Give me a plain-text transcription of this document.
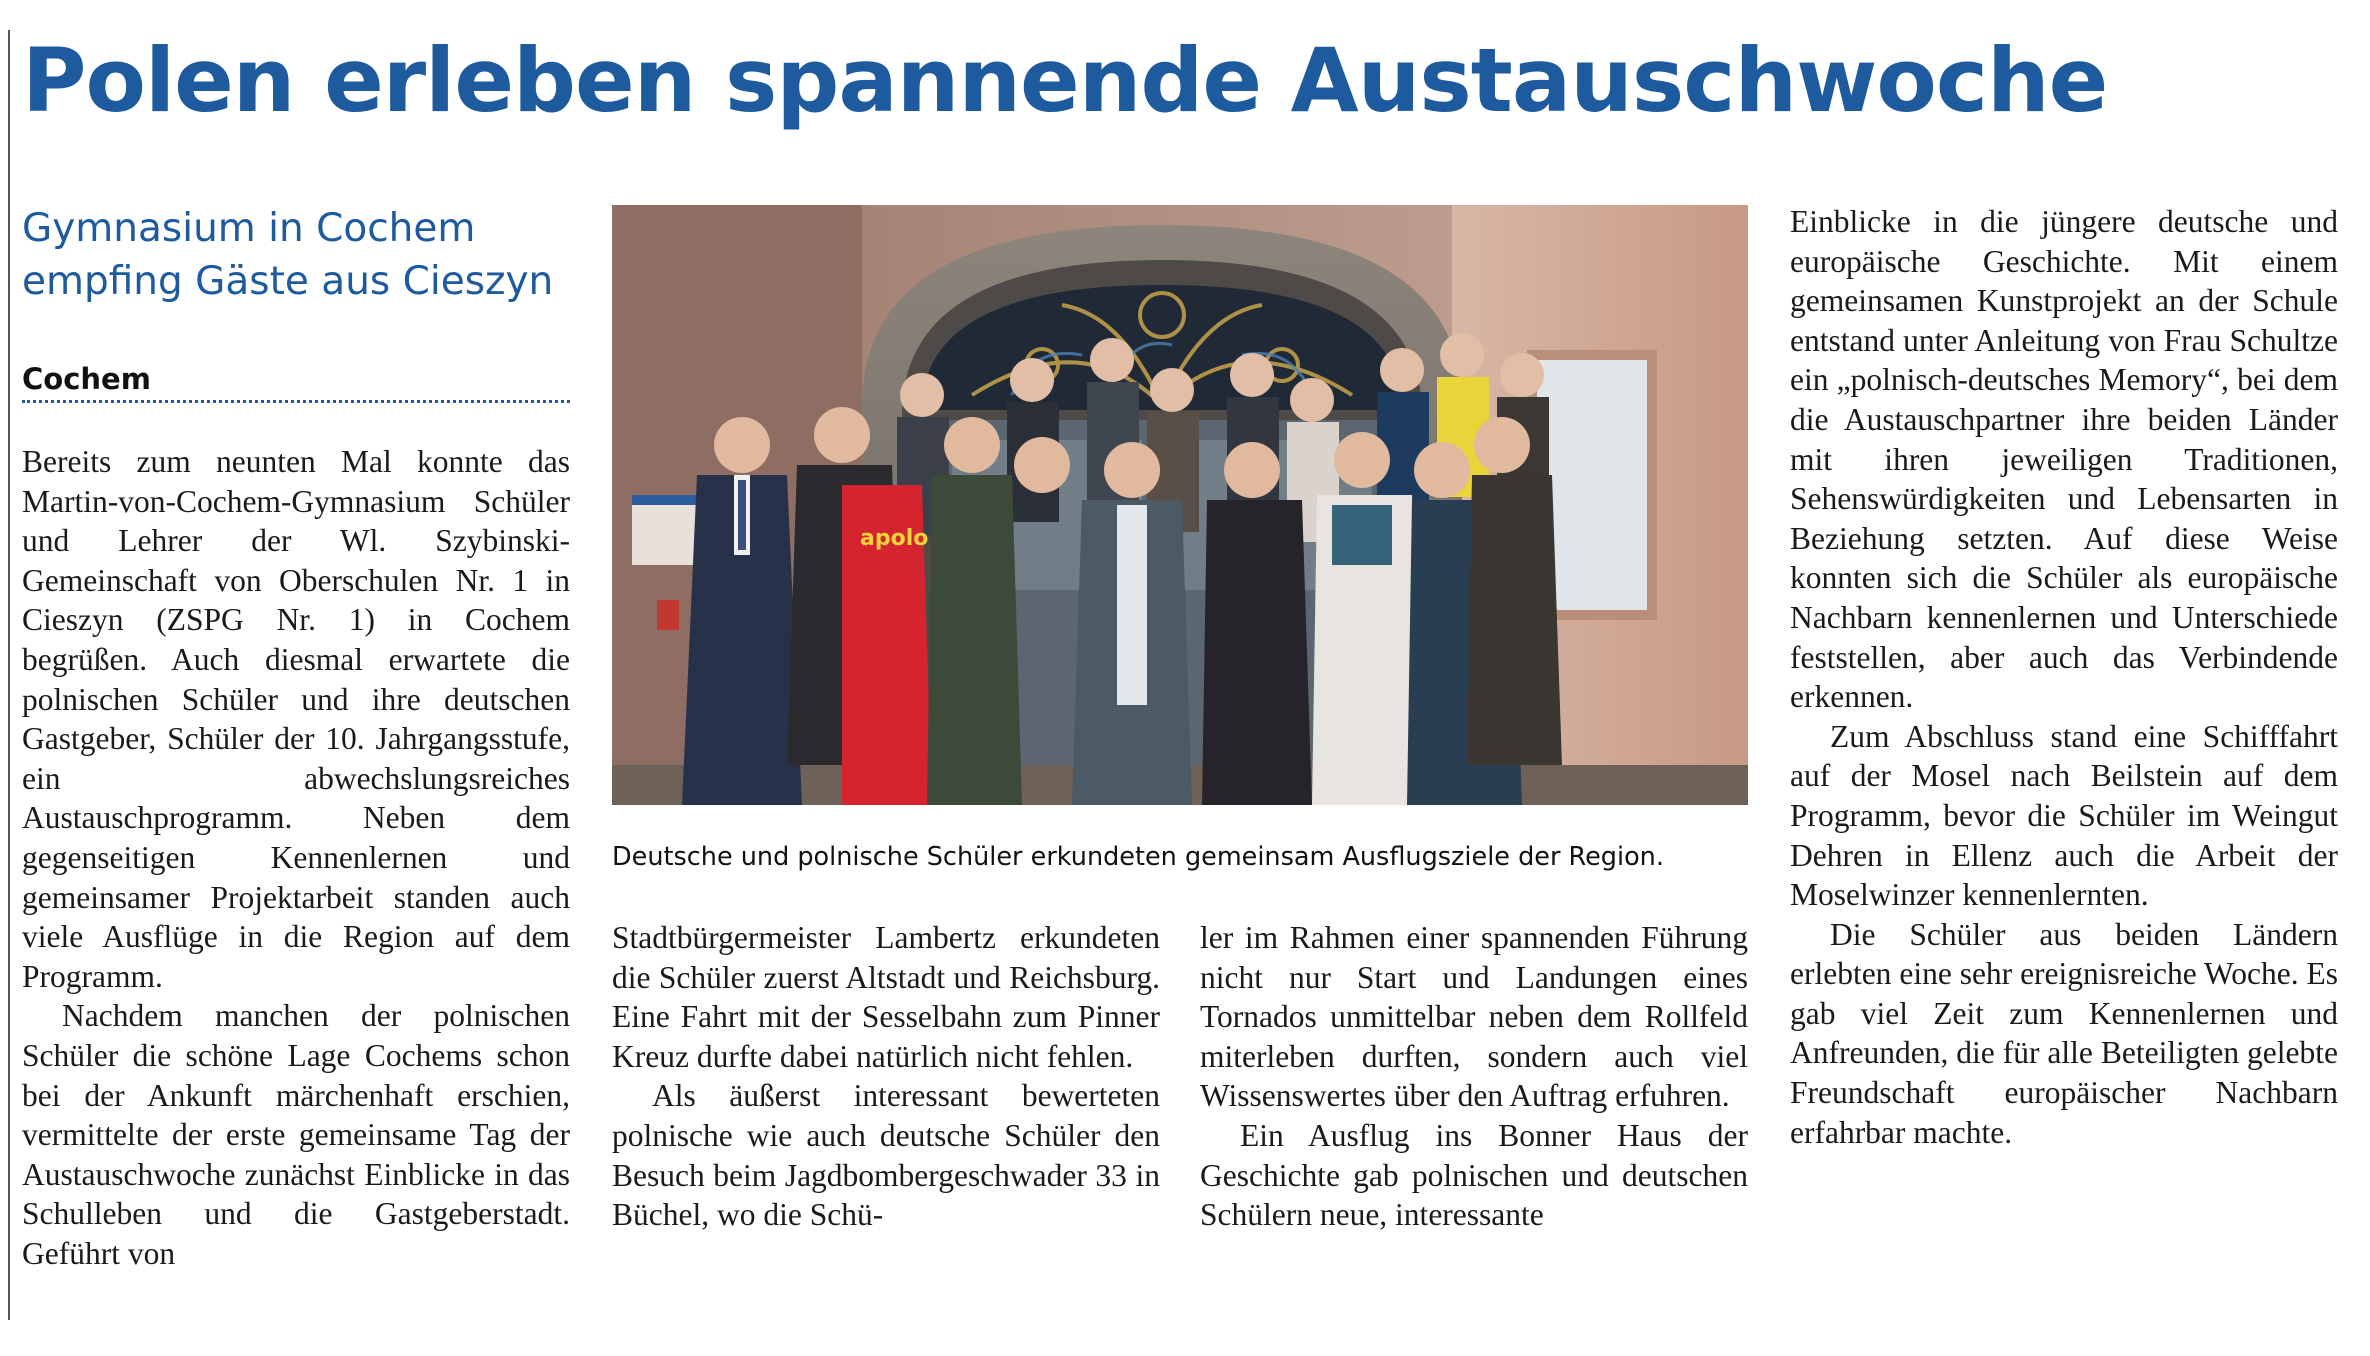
Polen erleben spannende Austauschwoche
Gymnasium in Cochem
empfing Gäste aus Cieszyn
Cochem

Bereits zum neunten Mal konnte das Martin-von-Cochem-Gymnasium Schüler und Lehrer der Wl. Szybinski-Gemeinschaft von Oberschulen Nr. 1 in Cieszyn (ZSPG Nr. 1) in Cochem begrüßen. Auch diesmal erwartete die polnischen Schüler und ihre deutschen Gastgeber, Schüler der 10. Jahrgangsstufe, ein abwechslungsreiches Austauschprogramm. Neben dem gegenseitigen Kennenlernen und gemeinsamer Projektarbeit standen auch viele Ausflüge in die Region auf dem Programm.

Nachdem manchen der polnischen Schüler die schöne Lage Cochems schon bei der Ankunft märchenhaft erschien, vermittelte der erste gemeinsame Tag der Austauschwoche zunächst Einblicke in das Schulleben und die Gastgeberstadt. Geführt von

apolo
Deutsche und polnische Schüler erkundeten gemeinsam Ausflugsziele der Region.

Stadtbürgermeister Lambertz erkundeten die Schüler zuerst Altstadt und Reichsburg. Eine Fahrt mit der Sesselbahn zum Pinner Kreuz durfte dabei natürlich nicht fehlen.

Als äußerst interessant bewerteten polnische wie auch deutsche Schüler den Besuch beim Jagdbombergeschwader 33 in Büchel, wo die Schü-

ler im Rahmen einer spannenden Führung nicht nur Start und Landungen eines Tornados unmittelbar neben dem Rollfeld miterleben durften, sondern auch viel Wissenswertes über den Auftrag erfuhren.

Ein Ausflug ins Bonner Haus der Geschichte gab polnischen und deutschen Schülern neue, interessante

Einblicke in die jüngere deutsche und europäische Geschichte. Mit einem gemeinsamen Kunstprojekt an der Schule entstand unter Anleitung von Frau Schultze ein „polnisch-deutsches Memory“, bei dem die Austauschpartner ihre beiden Länder mit ihren jeweiligen Traditionen, Sehenswürdigkeiten und Lebensarten in Beziehung setzten. Auf diese Weise konnten sich die Schüler als europäische Nachbarn kennenlernen und Unterschiede feststellen, aber auch das Verbindende erkennen.

Zum Abschluss stand eine Schifffahrt auf der Mosel nach Beilstein auf dem Programm, bevor die Schüler im Weingut Dehren in Ellenz auch die Arbeit der Moselwinzer kennenlernten.

Die Schüler aus beiden Ländern erlebten eine sehr ereignisreiche Woche. Es gab viel Zeit zum Kennenlernen und Anfreunden, die für alle Beteiligten gelebte Freundschaft europäischer Nachbarn erfahrbar machte.
